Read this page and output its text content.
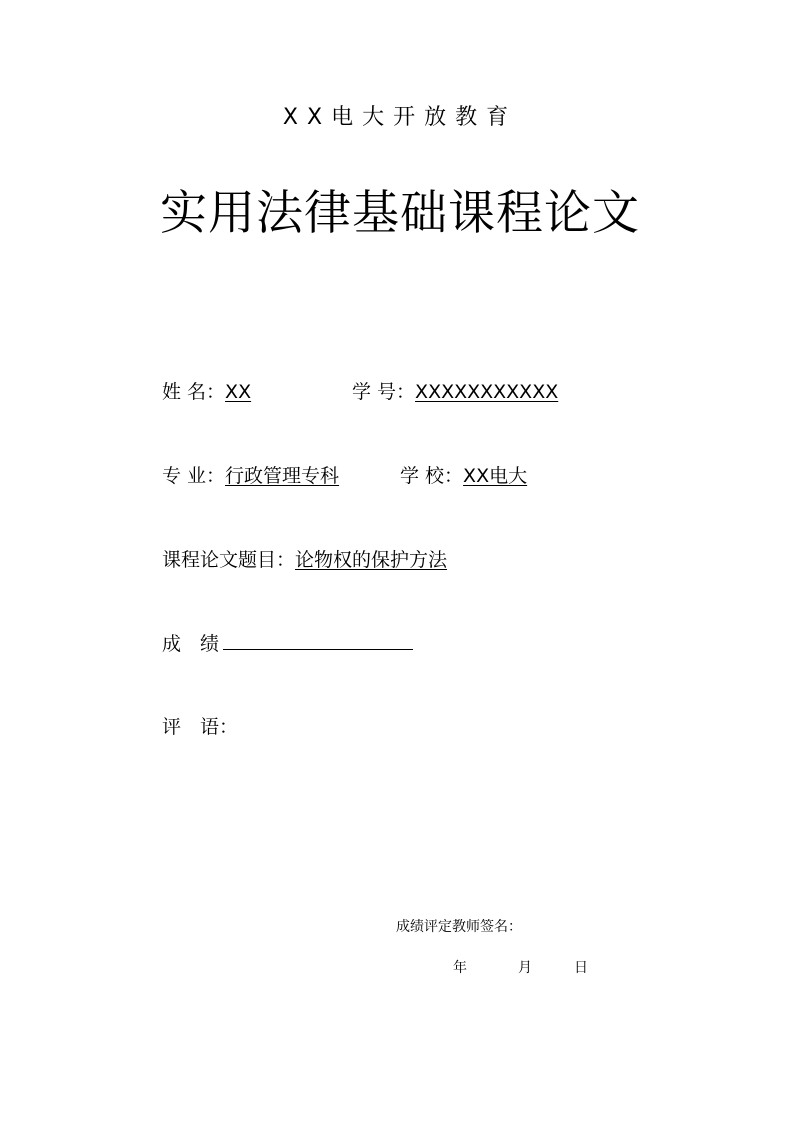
XX电大开放教育
实用法律基础课程论文
姓 名：XX	学 号：XXXXXXXXXXX
专 业：行政管理专科	学 校：XX电大
课程论文题目：论物权的保护方法
成　绩
评　语：
成绩评定教师签名：
年	月	日
